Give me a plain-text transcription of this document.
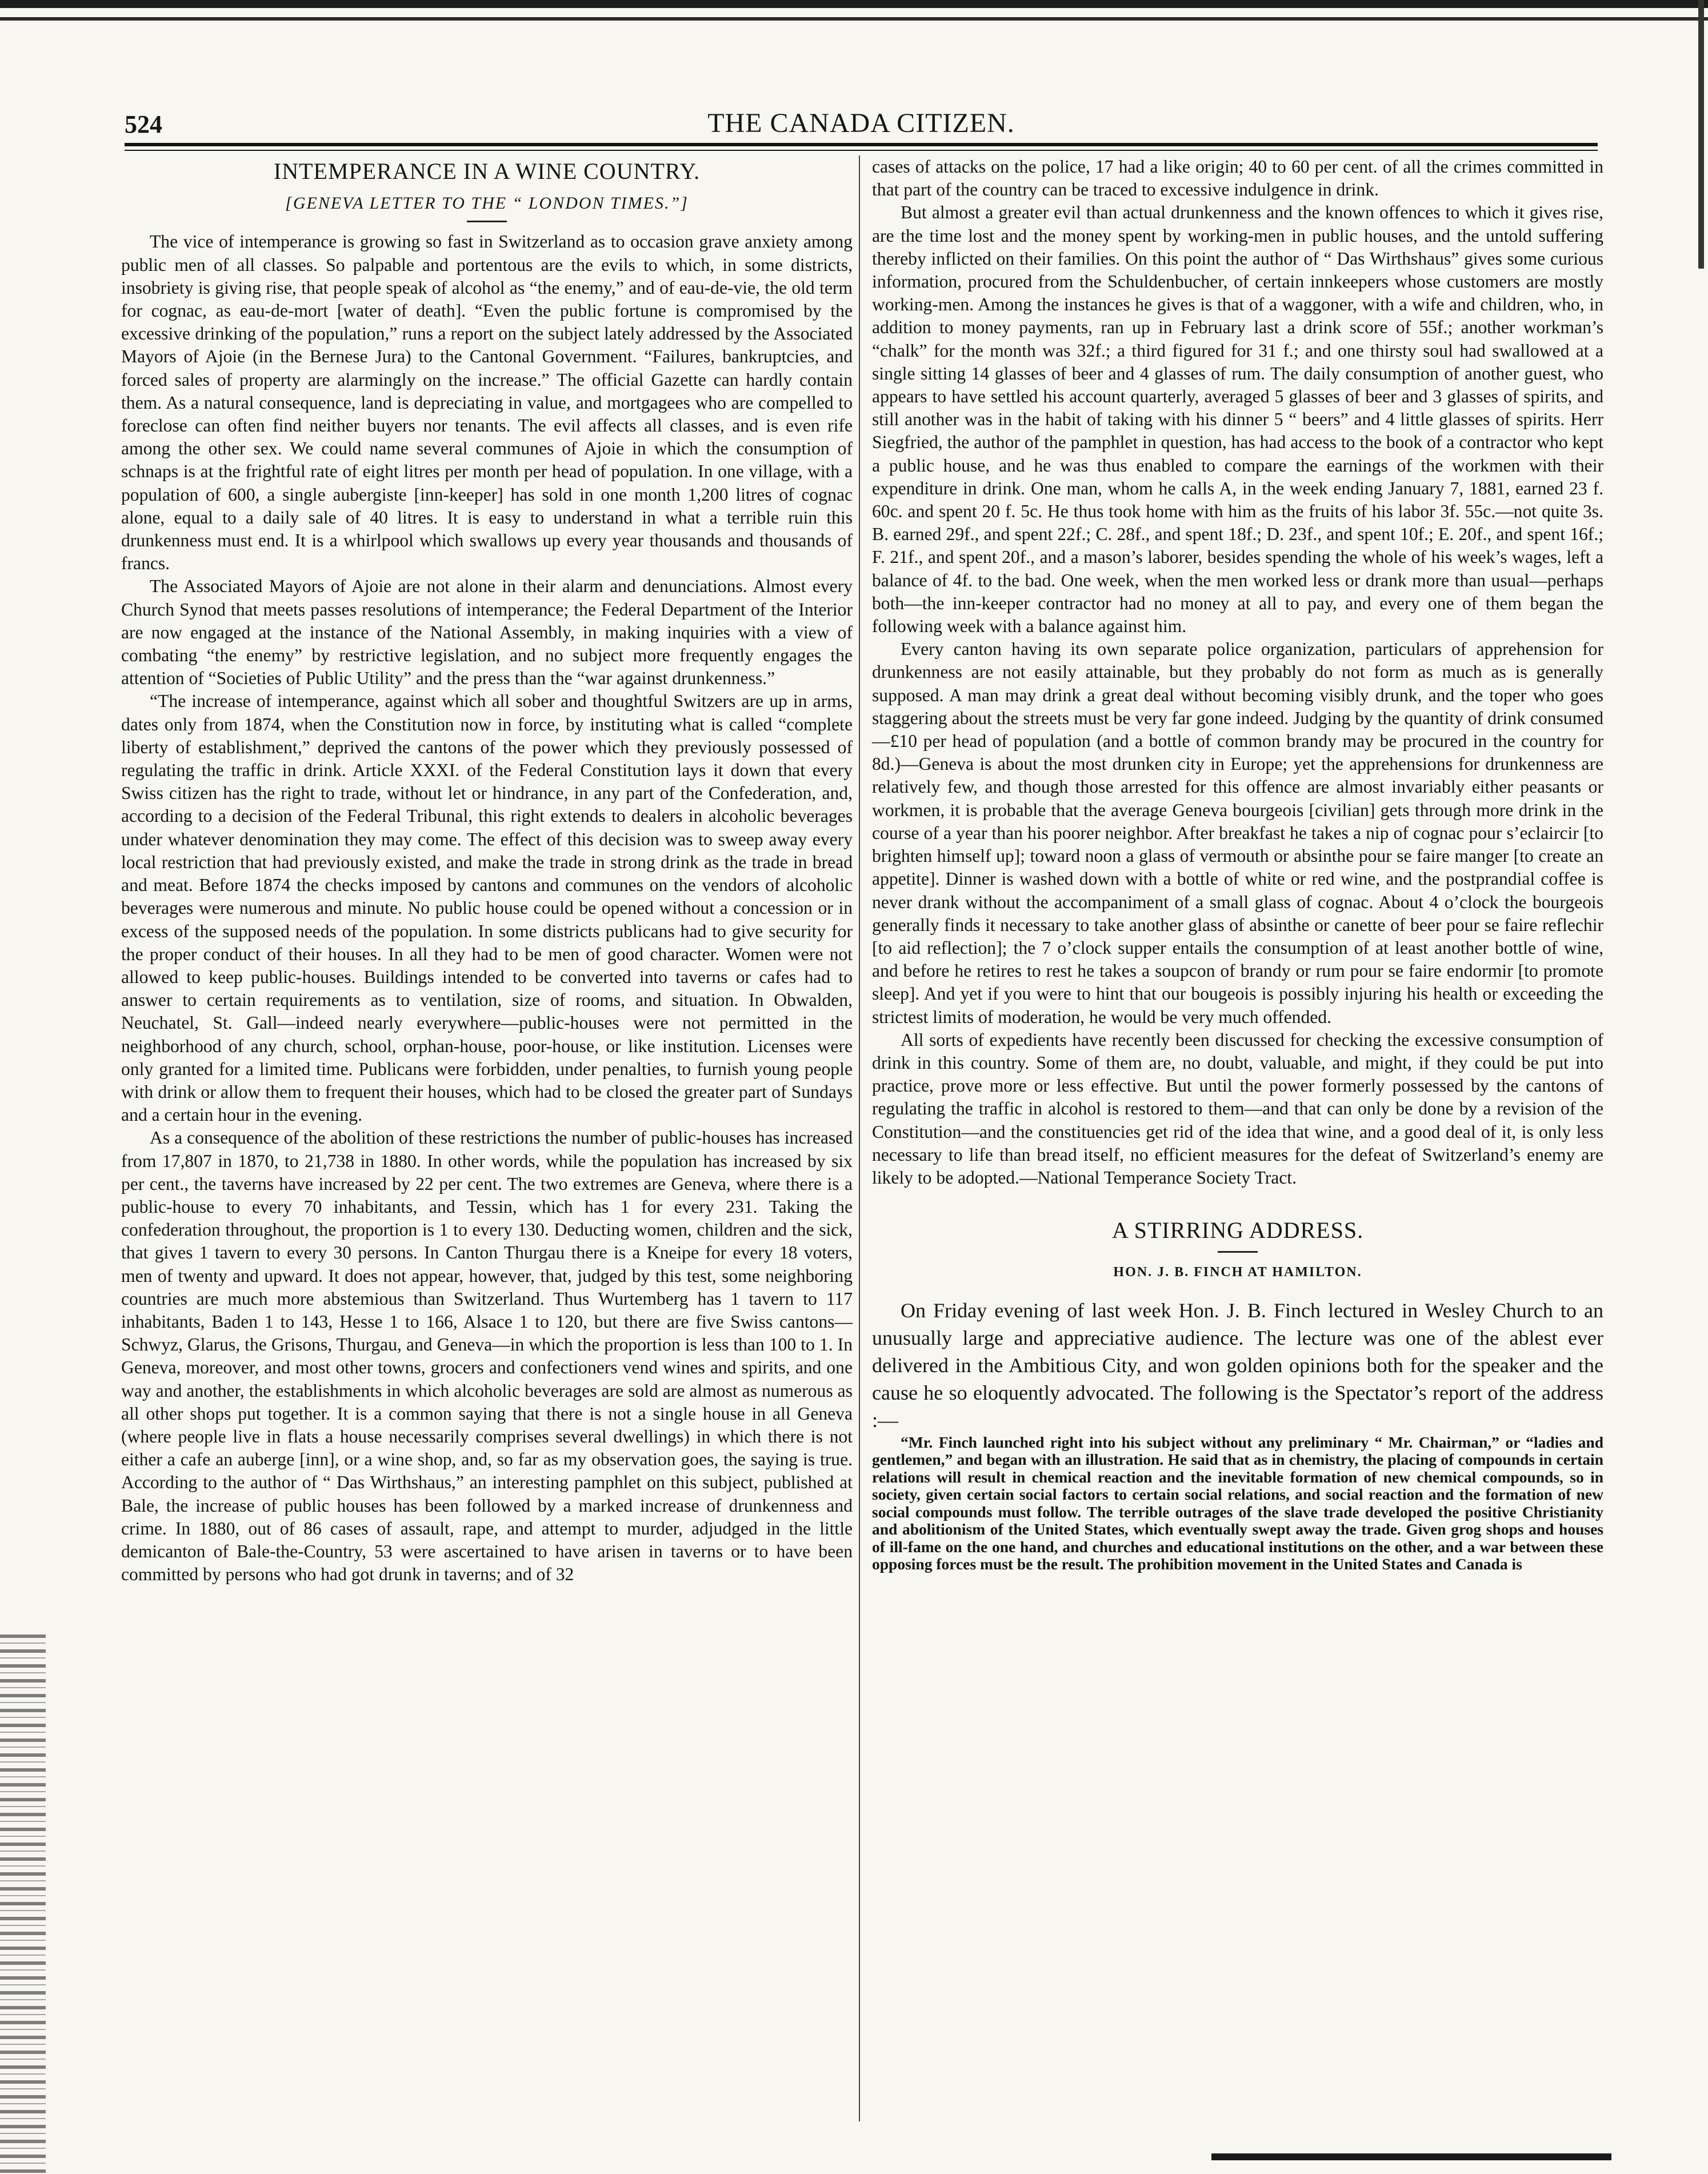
524	THE CANADA CITIZEN.
INTEMPERANCE IN A WINE COUNTRY.
[GENEVA LETTER TO THE “ LONDON TIMES.”]

The vice of intemperance is growing so fast in Switzerland as to occasion grave anxiety among public men of all classes. So palpable and portentous are the evils to which, in some districts, insobriety is giving rise, that people speak of alcohol as “the enemy,” and of eau-de-vie, the old term for cognac, as eau-de-mort [water of death]. “Even the public fortune is compromised by the excessive drinking of the population,” runs a report on the subject lately addressed by the Associated Mayors of Ajoie (in the Bernese Jura) to the Cantonal Government. “Failures, bankruptcies, and forced sales of property are alarmingly on the increase.” The official Gazette can hardly contain them. As a natural consequence, land is depreciating in value, and mortgagees who are compelled to foreclose can often find neither buyers nor tenants. The evil affects all classes, and is even rife among the other sex. We could name several communes of Ajoie in which the consumption of schnaps is at the frightful rate of eight litres per month per head of population. In one village, with a population of 600, a single aubergiste [inn-keeper] has sold in one month 1,200 litres of cognac alone, equal to a daily sale of 40 litres. It is easy to understand in what a terrible ruin this drunkenness must end. It is a whirlpool which swallows up every year thousands and thousands of francs.

The Associated Mayors of Ajoie are not alone in their alarm and denunciations. Almost every Church Synod that meets passes resolutions of intemperance; the Federal Department of the Interior are now engaged at the instance of the National Assembly, in making inquiries with a view of combating “the enemy” by restrictive legislation, and no subject more frequently engages the attention of “Societies of Public Utility” and the press than the “war against drunkenness.”

“The increase of intemperance, against which all sober and thoughtful Switzers are up in arms, dates only from 1874, when the Constitution now in force, by instituting what is called “complete liberty of establishment,” deprived the cantons of the power which they previously possessed of regulating the traffic in drink. Article XXXI. of the Federal Constitution lays it down that every Swiss citizen has the right to trade, without let or hindrance, in any part of the Confederation, and, according to a decision of the Federal Tribunal, this right extends to dealers in alcoholic beverages under whatever denomination they may come. The effect of this decision was to sweep away every local restriction that had previously existed, and make the trade in strong drink as the trade in bread and meat. Before 1874 the checks imposed by cantons and communes on the vendors of alcoholic beverages were numerous and minute. No public house could be opened without a concession or in excess of the supposed needs of the population. In some districts publicans had to give security for the proper conduct of their houses. In all they had to be men of good character. Women were not allowed to keep public-houses. Buildings intended to be converted into taverns or cafes had to answer to certain requirements as to ventilation, size of rooms, and situation. In Obwalden, Neuchatel, St. Gall—indeed nearly everywhere—public-houses were not permitted in the neighborhood of any church, school, orphan-house, poor-house, or like institution. Licenses were only granted for a limited time. Publicans were forbidden, under penalties, to furnish young people with drink or allow them to frequent their houses, which had to be closed the greater part of Sundays and a certain hour in the evening.

As a consequence of the abolition of these restrictions the number of public-houses has increased from 17,807 in 1870, to 21,738 in 1880. In other words, while the population has increased by six per cent., the taverns have increased by 22 per cent. The two extremes are Geneva, where there is a public-house to every 70 inhabitants, and Tessin, which has 1 for every 231. Taking the confederation throughout, the proportion is 1 to every 130. Deducting women, children and the sick, that gives 1 tavern to every 30 persons. In Canton Thurgau there is a Kneipe for every 18 voters, men of twenty and upward. It does not appear, however, that, judged by this test, some neighboring countries are much more abstemious than Switzerland. Thus Wurtemberg has 1 tavern to 117 inhabitants, Baden 1 to 143, Hesse 1 to 166, Alsace 1 to 120, but there are five Swiss cantons—Schwyz, Glarus, the Grisons, Thurgau, and Geneva—in which the proportion is less than 100 to 1. In Geneva, moreover, and most other towns, grocers and confectioners vend wines and spirits, and one way and another, the establishments in which alcoholic beverages are sold are almost as numerous as all other shops put together. It is a common saying that there is not a single house in all Geneva (where people live in flats a house necessarily comprises several dwellings) in which there is not either a cafe an auberge [inn], or a wine shop, and, so far as my observation goes, the saying is true. According to the author of “ Das Wirthshaus,” an interesting pamphlet on this subject, published at Bale, the increase of public houses has been followed by a marked increase of drunkenness and crime. In 1880, out of 86 cases of assault, rape, and attempt to murder, adjudged in the little demicanton of Bale-the-Country, 53 were ascertained to have arisen in taverns or to have been committed by persons who had got drunk in taverns; and of 32

cases of attacks on the police, 17 had a like origin; 40 to 60 per cent. of all the crimes committed in that part of the country can be traced to excessive indulgence in drink.

But almost a greater evil than actual drunkenness and the known offences to which it gives rise, are the time lost and the money spent by working-men in public houses, and the untold suffering thereby inflicted on their families. On this point the author of “ Das Wirthshaus” gives some curious information, procured from the Schuldenbucher, of certain innkeepers whose customers are mostly working-men. Among the instances he gives is that of a waggoner, with a wife and children, who, in addition to money payments, ran up in February last a drink score of 55f.; another workman’s “chalk” for the month was 32f.; a third figured for 31 f.; and one thirsty soul had swallowed at a single sitting 14 glasses of beer and 4 glasses of rum. The daily consumption of another guest, who appears to have settled his account quarterly, averaged 5 glasses of beer and 3 glasses of spirits, and still another was in the habit of taking with his dinner 5 “ beers” and 4 little glasses of spirits. Herr Siegfried, the author of the pamphlet in question, has had access to the book of a contractor who kept a public house, and he was thus enabled to compare the earnings of the workmen with their expenditure in drink. One man, whom he calls A, in the week ending January 7, 1881, earned 23 f. 60c. and spent 20 f. 5c. He thus took home with him as the fruits of his labor 3f. 55c.—not quite 3s. B. earned 29f., and spent 22f.; C. 28f., and spent 18f.; D. 23f., and spent 10f.; E. 20f., and spent 16f.; F. 21f., and spent 20f., and a mason’s laborer, besides spending the whole of his week’s wages, left a balance of 4f. to the bad. One week, when the men worked less or drank more than usual—perhaps both—the inn-keeper contractor had no money at all to pay, and every one of them began the following week with a balance against him.

Every canton having its own separate police organization, particulars of apprehension for drunkenness are not easily attainable, but they probably do not form as much as is generally supposed. A man may drink a great deal without becoming visibly drunk, and the toper who goes staggering about the streets must be very far gone indeed. Judging by the quantity of drink consumed—£10 per head of population (and a bottle of common brandy may be procured in the country for 8d.)—Geneva is about the most drunken city in Europe; yet the apprehensions for drunkenness are relatively few, and though those arrested for this offence are almost invariably either peasants or workmen, it is probable that the average Geneva bourgeois [civilian] gets through more drink in the course of a year than his poorer neighbor. After breakfast he takes a nip of cognac pour s’eclaircir [to brighten himself up]; toward noon a glass of vermouth or absinthe pour se faire manger [to create an appetite]. Dinner is washed down with a bottle of white or red wine, and the postprandial coffee is never drank without the accompaniment of a small glass of cognac. About 4 o’clock the bourgeois generally finds it necessary to take another glass of absinthe or canette of beer pour se faire reflechir [to aid reflection]; the 7 o’clock supper entails the consumption of at least another bottle of wine, and before he retires to rest he takes a soupcon of brandy or rum pour se faire endormir [to promote sleep]. And yet if you were to hint that our bougeois is possibly injuring his health or exceeding the strictest limits of moderation, he would be very much offended.

All sorts of expedients have recently been discussed for checking the excessive consumption of drink in this country. Some of them are, no doubt, valuable, and might, if they could be put into practice, prove more or less effective. But until the power formerly possessed by the cantons of regulating the traffic in alcohol is restored to them—and that can only be done by a revision of the Constitution—and the constituencies get rid of the idea that wine, and a good deal of it, is only less necessary to life than bread itself, no efficient measures for the defeat of Switzerland’s enemy are likely to be adopted.—National Temperance Society Tract.

A STIRRING ADDRESS.
HON. J. B. FINCH AT HAMILTON.

On Friday evening of last week Hon. J. B. Finch lectured in Wesley Church to an unusually large and appreciative audience. The lecture was one of the ablest ever delivered in the Ambitious City, and won golden opinions both for the speaker and the cause he so eloquently advocated. The following is the Spectator’s report of the address :—

“Mr. Finch launched right into his subject without any preliminary “ Mr. Chairman,” or “ladies and gentlemen,” and began with an illustration. He said that as in chemistry, the placing of compounds in certain relations will result in chemical reaction and the inevitable formation of new chemical compounds, so in society, given certain social factors to certain social relations, and social reaction and the formation of new social compounds must follow. The terrible outrages of the slave trade developed the positive Christianity and abolitionism of the United States, which eventually swept away the trade. Given grog shops and houses of ill-fame on the one hand, and churches and educational institutions on the other, and a war between these opposing forces must be the result. The prohibition movement in the United States and Canada is
